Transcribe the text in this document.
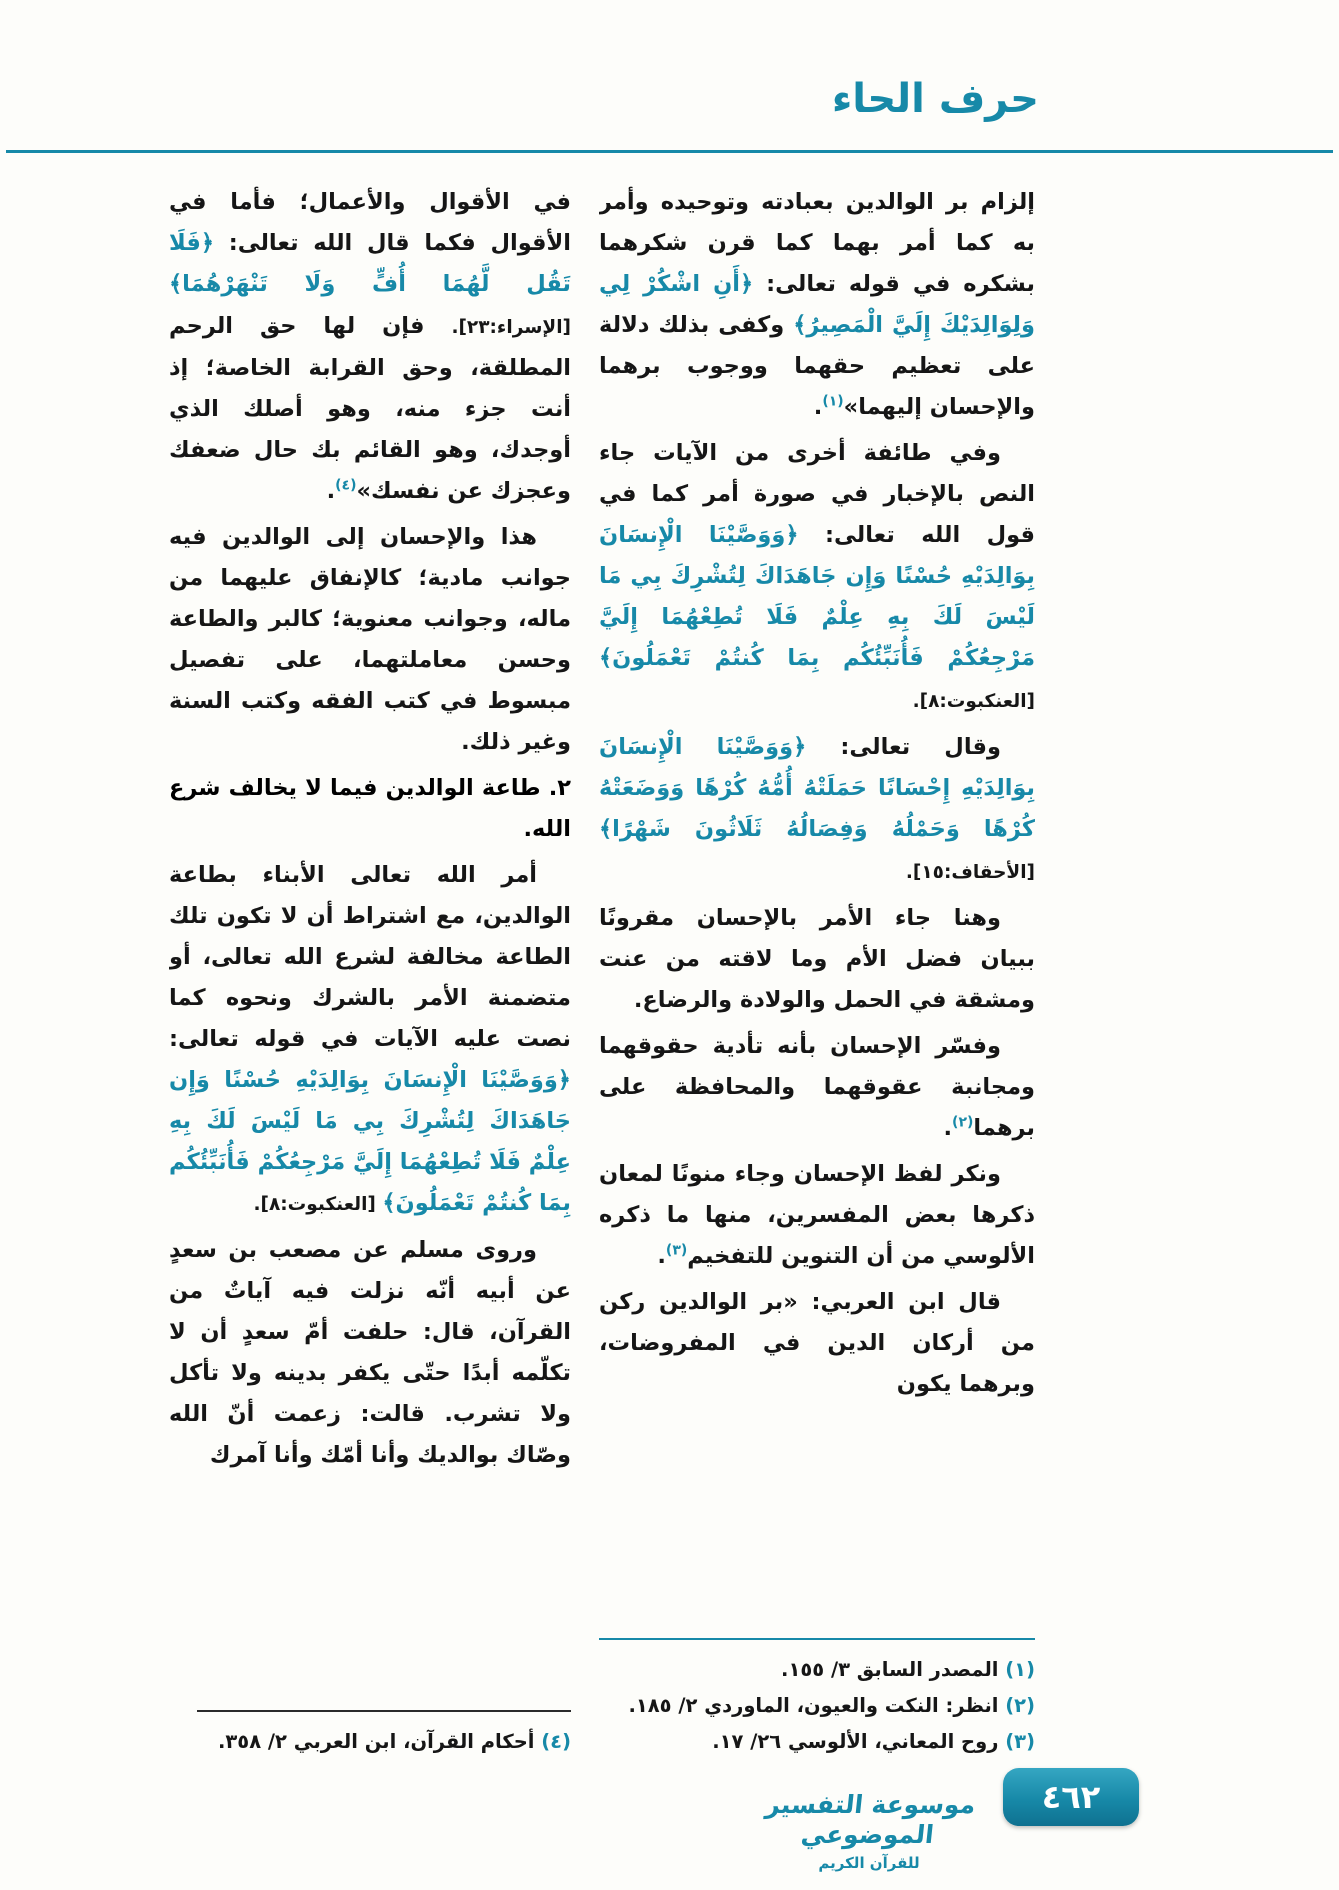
حرف الحاء

إلزام بر الوالدين بعبادته وتوحيده وأمر به كما أمر بهما كما قرن شكرهما بشكره في قوله تعالى: ﴿أَنِ اشْكُرْ لِي وَلِوَالِدَيْكَ إِلَيَّ الْمَصِيرُ﴾ وكفى بذلك دلالة على تعظيم حقهما ووجوب برهما والإحسان إليهما»$^{(١)}$.

وفي طائفة أخرى من الآيات جاء النص بالإخبار في صورة أمر كما في قول الله تعالى: ﴿وَوَصَّيْنَا الْإِنسَانَ بِوَالِدَيْهِ حُسْنًا وَإِن جَاهَدَاكَ لِتُشْرِكَ بِي مَا لَيْسَ لَكَ بِهِ عِلْمٌ فَلَا تُطِعْهُمَا إِلَيَّ مَرْجِعُكُمْ فَأُنَبِّئُكُم بِمَا كُنتُمْ تَعْمَلُونَ﴾ [العنكبوت:٨].

وقال تعالى: ﴿وَوَصَّيْنَا الْإِنسَانَ بِوَالِدَيْهِ إِحْسَانًا حَمَلَتْهُ أُمُّهُ كُرْهًا وَوَضَعَتْهُ كُرْهًا وَحَمْلُهُ وَفِصَالُهُ ثَلَاثُونَ شَهْرًا﴾ [الأحقاف:١٥].

وهنا جاء الأمر بالإحسان مقرونًا ببيان فضل الأم وما لاقته من عنت ومشقة في الحمل والولادة والرضاع.

وفسّر الإحسان بأنه تأدية حقوقهما ومجانبة عقوقهما والمحافظة على برهما$^{(٢)}$.

ونكر لفظ الإحسان وجاء منونًا لمعان ذكرها بعض المفسرين، منها ما ذكره الألوسي من أن التنوين للتفخيم$^{(٣)}$.

قال ابن العربي: «بر الوالدين ركن من أركان الدين في المفروضات، وبرهما يكون

(١) المصدر السابق ٣/ ١٥٥.
(٢) انظر: النكت والعيون، الماوردي ٢/ ١٨٥.
(٣) روح المعاني، الألوسي ٢٦/ ١٧.

في الأقوال والأعمال؛ فأما في الأقوال فكما قال الله تعالى: ﴿فَلَا تَقُل لَّهُمَا أُفٍّ وَلَا تَنْهَرْهُمَا﴾ [الإسراء:٢٣]. فإن لها حق الرحم المطلقة، وحق القرابة الخاصة؛ إذ أنت جزء منه، وهو أصلك الذي أوجدك، وهو القائم بك حال ضعفك وعجزك عن نفسك»$^{(٤)}$.

هذا والإحسان إلى الوالدين فيه جوانب مادية؛ كالإنفاق عليهما من ماله، وجوانب معنوية؛ كالبر والطاعة وحسن معاملتهما، على تفصيل مبسوط في كتب الفقه وكتب السنة وغير ذلك.

٢. طاعة الوالدين فيما لا يخالف شرع الله.

أمر الله تعالى الأبناء بطاعة الوالدين، مع اشتراط أن لا تكون تلك الطاعة مخالفة لشرع الله تعالى، أو متضمنة الأمر بالشرك ونحوه كما نصت عليه الآيات في قوله تعالى: ﴿وَوَصَّيْنَا الْإِنسَانَ بِوَالِدَيْهِ حُسْنًا وَإِن جَاهَدَاكَ لِتُشْرِكَ بِي مَا لَيْسَ لَكَ بِهِ عِلْمٌ فَلَا تُطِعْهُمَا إِلَيَّ مَرْجِعُكُمْ فَأُنَبِّئُكُم بِمَا كُنتُمْ تَعْمَلُونَ﴾ [العنكبوت:٨].

وروى مسلم عن مصعب بن سعدٍ عن أبيه أنّه نزلت فيه آياتٌ من القرآن، قال: حلفت أمّ سعدٍ أن لا تكلّمه أبدًا حتّى يكفر بدينه ولا تأكل ولا تشرب. قالت: زعمت أنّ الله وصّاك بوالديك وأنا أمّك وأنا آمرك

(٤) أحكام القرآن، ابن العربي ٢/ ٣٥٨.
موسوعة التفسير الموضوعي
للقرآن الكريم
٤٦٢
